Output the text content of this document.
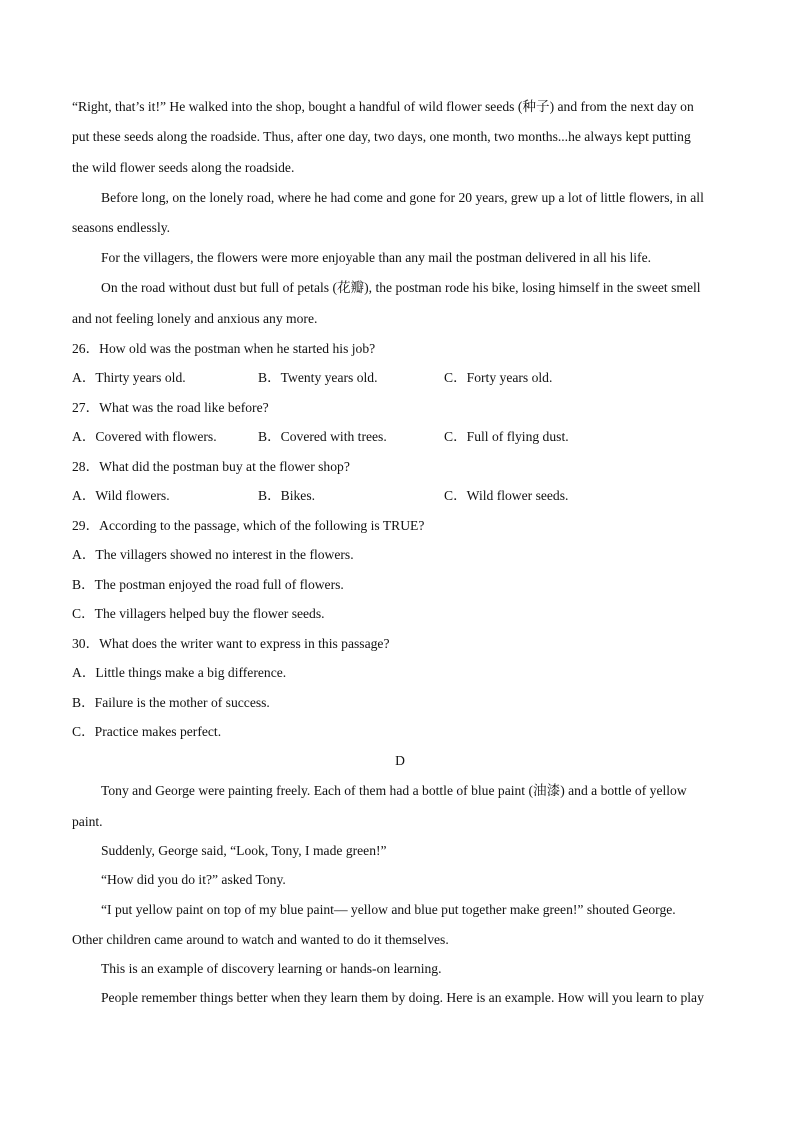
“Right, that’s it!” He walked into the shop, bought a handful of wild flower seeds (种子) and from the next day on
put these seeds along the roadside. Thus, after one day, two days, one month, two months...he always kept putting
the wild flower seeds along the roadside.
Before long, on the lonely road, where he had come and gone for 20 years, grew up a lot of little flowers, in all
seasons endlessly.
For the villagers, the flowers were more enjoyable than any mail the postman delivered in all his life.
On the road without dust but full of petals (花瓣), the postman rode his bike, losing himself in the sweet smell
and not feeling lonely and anxious any more.
26．How old was the postman when he started his job?
A．Thirty years old.	B．Twenty years old.	C．Forty years old.
27．What was the road like before?
A．Covered with flowers.	B．Covered with trees.	C．Full of flying dust.
28．What did the postman buy at the flower shop?
A．Wild flowers.	B．Bikes.	C．Wild flower seeds.
29．According to the passage, which of the following is TRUE?
A．The villagers showed no interest in the flowers.
B．The postman enjoyed the road full of flowers.
C．The villagers helped buy the flower seeds.
30．What does the writer want to express in this passage?
A．Little things make a big difference.
B．Failure is the mother of success.
C．Practice makes perfect.
D
Tony and George were painting freely. Each of them had a bottle of blue paint (油漆) and a bottle of yellow
paint.
Suddenly, George said, “Look, Tony, I made green!”
“How did you do it?” asked Tony.
“I put yellow paint on top of my blue paint— yellow and blue put together make green!” shouted George.
Other children came around to watch and wanted to do it themselves.
This is an example of discovery learning or hands-on learning.
People remember things better when they learn them by doing. Here is an example. How will you learn to play
